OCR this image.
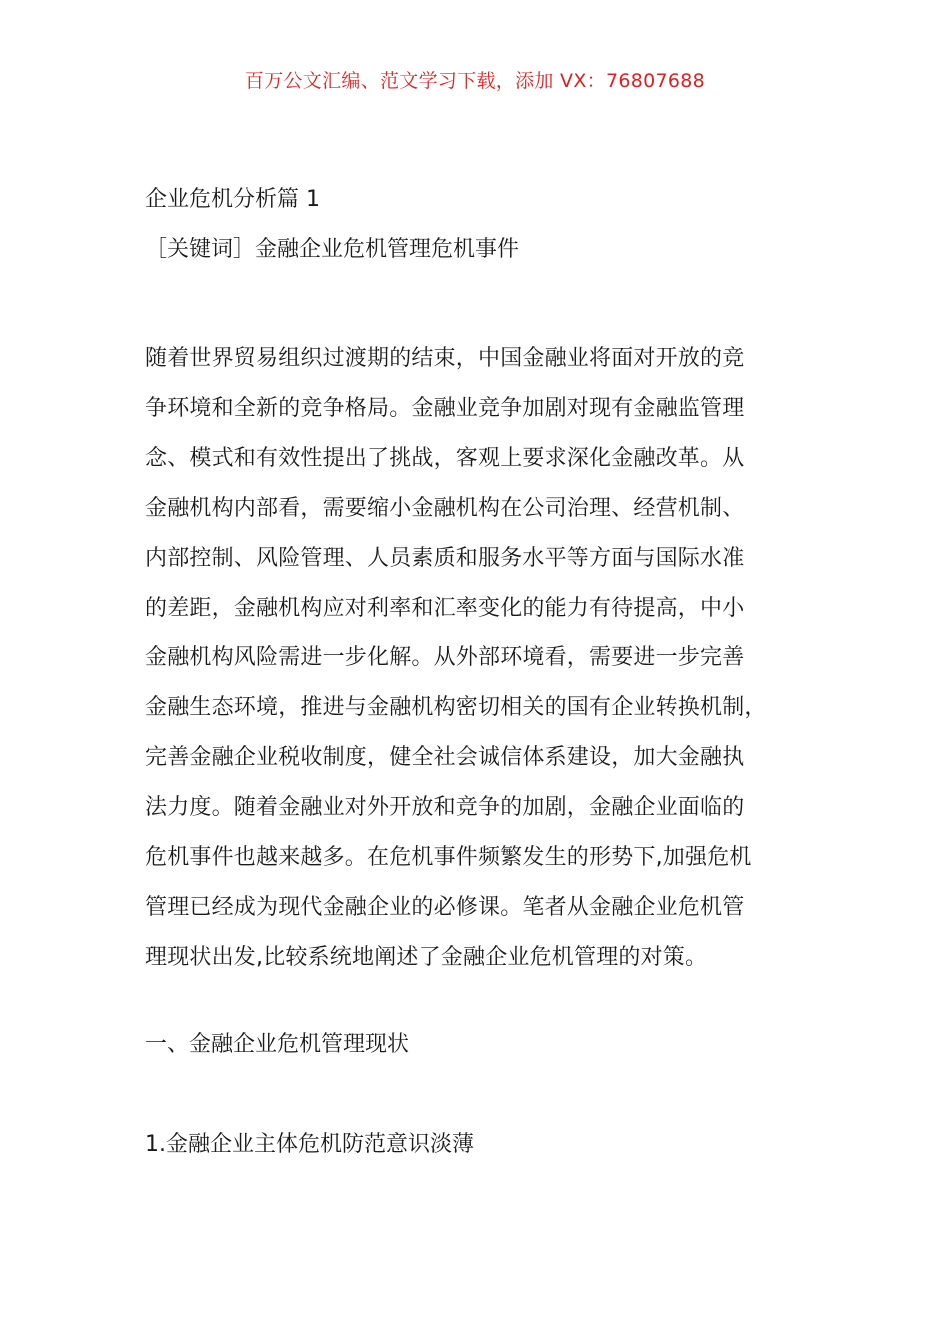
百万公文汇编、范文学习下载，添加 VX：76807688
企业危机分析篇 1
［关键词］金融企业危机管理危机事件
随着世界贸易组织过渡期的结束，中国金融业将面对开放的竞
争环境和全新的竞争格局。金融业竞争加剧对现有金融监管理
念、模式和有效性提出了挑战，客观上要求深化金融改革。从
金融机构内部看，需要缩小金融机构在公司治理、经营机制、
内部控制、风险管理、人员素质和服务水平等方面与国际水准
的差距，金融机构应对利率和汇率变化的能力有待提高，中小
金融机构风险需进一步化解。从外部环境看，需要进一步完善
金融生态环境，推进与金融机构密切相关的国有企业转换机制，
完善金融企业税收制度，健全社会诚信体系建设，加大金融执
法力度。随着金融业对外开放和竞争的加剧，金融企业面临的
危机事件也越来越多。在危机事件频繁发生的形势下,加强危机
管理已经成为现代金融企业的必修课。笔者从金融企业危机管
理现状出发,比较系统地阐述了金融企业危机管理的对策。
一、金融企业危机管理现状
1.金融企业主体危机防范意识淡薄
